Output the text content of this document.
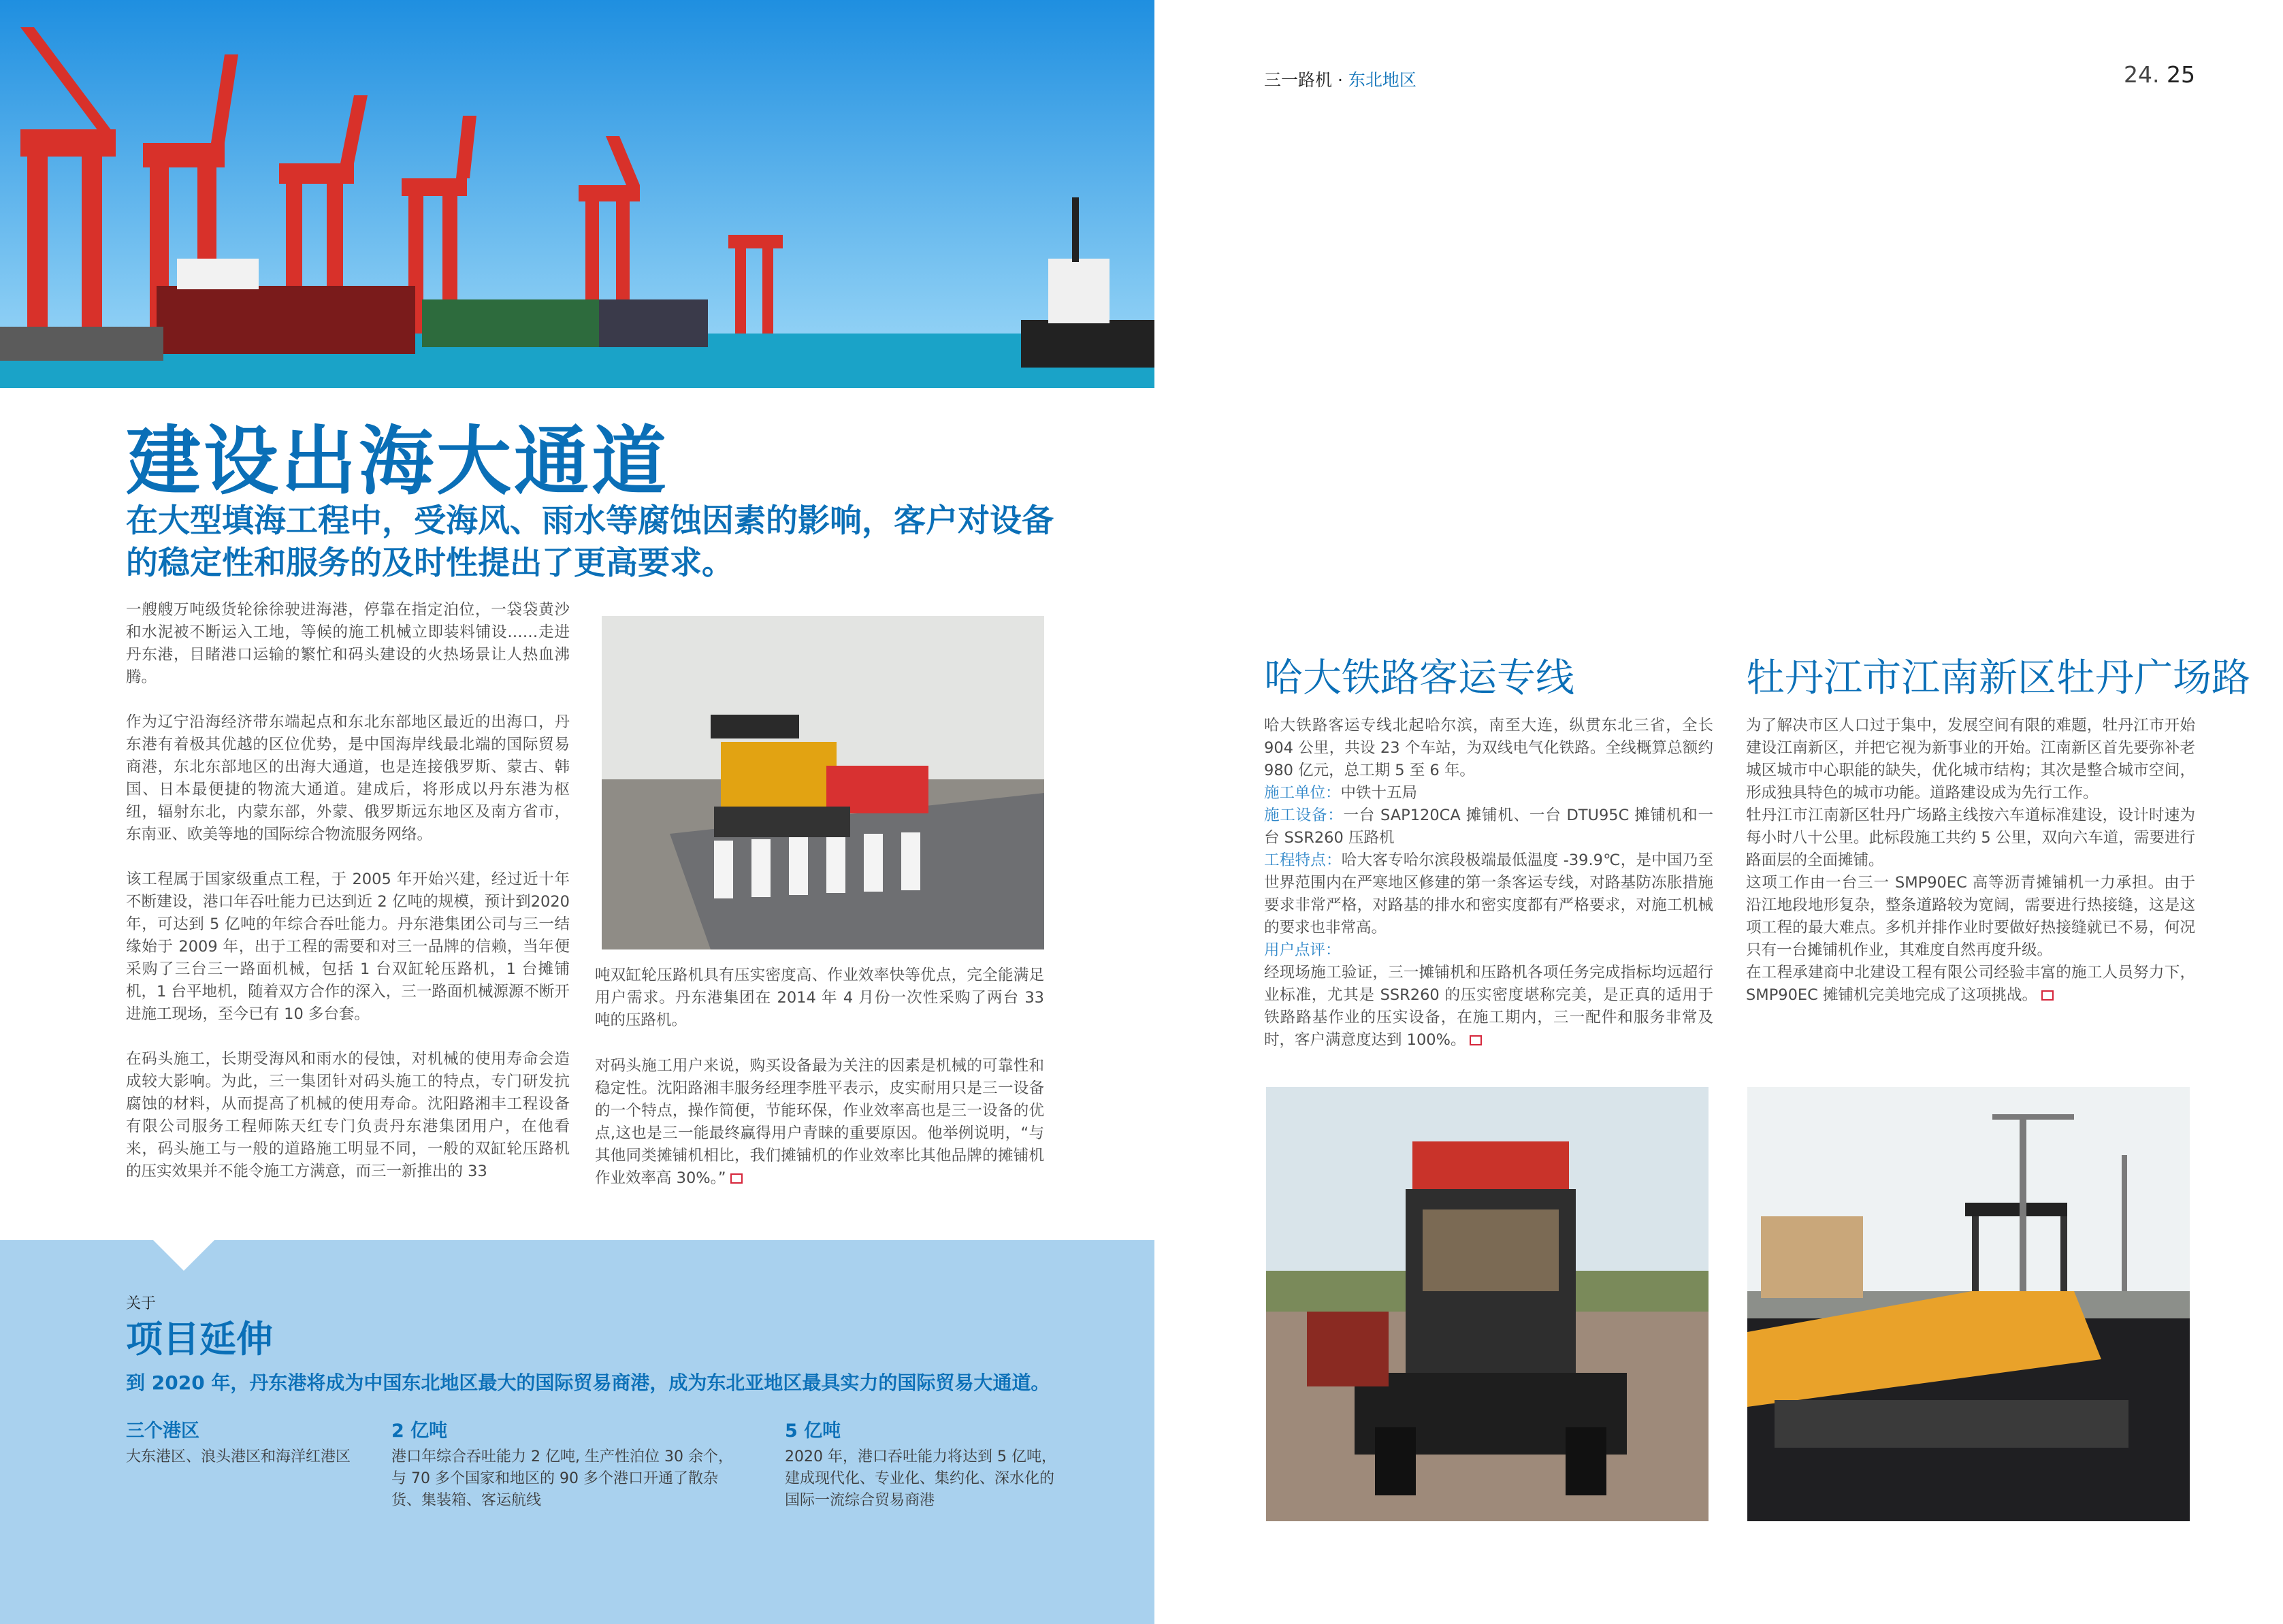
建设出海大通道
在大型填海工程中，受海风、雨水等腐蚀因素的影响，客户对设备的稳定性和服务的及时性提出了更高要求。

一艘艘万吨级货轮徐徐驶进海港，停靠在指定泊位，一袋袋黄沙和水泥被不断运入工地，等候的施工机械立即装料铺设……走进丹东港，目睹港口运输的繁忙和码头建设的火热场景让人热血沸腾。

作为辽宁沿海经济带东端起点和东北东部地区最近的出海口，丹东港有着极其优越的区位优势，是中国海岸线最北端的国际贸易商港，东北东部地区的出海大通道，也是连接俄罗斯、蒙古、韩国、日本最便捷的物流大通道。建成后，将形成以丹东港为枢纽，辐射东北，内蒙东部，外蒙、俄罗斯远东地区及南方省市，东南亚、欧美等地的国际综合物流服务网络。

该工程属于国家级重点工程，于 2005 年开始兴建，经过近十年不断建设，港口年吞吐能力已达到近 2 亿吨的规模，预计到2020 年，可达到 5 亿吨的年综合吞吐能力。丹东港集团公司与三一结缘始于 2009 年，出于工程的需要和对三一品牌的信赖，当年便采购了三台三一路面机械，包括 1 台双缸轮压路机，1 台摊铺机，1 台平地机，随着双方合作的深入，三一路面机械源源不断开进施工现场，至今已有 10 多台套。

在码头施工，长期受海风和雨水的侵蚀，对机械的使用寿命会造成较大影响。为此，三一集团针对码头施工的特点，专门研发抗腐蚀的材料，从而提高了机械的使用寿命。沈阳路湘丰工程设备有限公司服务工程师陈天红专门负责丹东港集团用户，在他看来，码头施工与一般的道路施工明显不同，一般的双缸轮压路机的压实效果并不能令施工方满意，而三一新推出的 33

吨双缸轮压路机具有压实密度高、作业效率快等优点，完全能满足用户需求。丹东港集团在 2014 年 4 月份一次性采购了两台 33 吨的压路机。

对码头施工用户来说，购买设备最为关注的因素是机械的可靠性和稳定性。沈阳路湘丰服务经理李胜平表示，皮实耐用只是三一设备的一个特点，操作简便，节能环保，作业效率高也是三一设备的优点,这也是三一能最终赢得用户青睐的重要原因。他举例说明，“与其他同类摊铺机相比，我们摊铺机的作业效率比其他品牌的摊铺机作业效率高 30%。”

关于
项目延伸
到 2020 年，丹东港将成为中国东北地区最大的国际贸易商港，成为东北亚地区最具实力的国际贸易大通道。
三个港区
大东港区、浪头港区和海洋红港区
2 亿吨
港口年综合吞吐能力 2 亿吨, 生产性泊位 30 余个，与 70 多个国家和地区的 90 多个港口开通了散杂货、集装箱、客运航线
5 亿吨
2020 年，港口吞吐能力将达到 5 亿吨，建成现代化、专业化、集约化、深水化的国际一流综合贸易商港
三一路机 · 东北地区	24. 25
哈大铁路客运专线	牡丹江市江南新区牡丹广场路

哈大铁路客运专线北起哈尔滨，南至大连，纵贯东北三省，全长 904 公里，共设 23 个车站，为双线电气化铁路。全线概算总额约 980 亿元，总工期 5 至 6 年。

施工单位：中铁十五局

施工设备：一台 SAP120CA 摊铺机、一台 DTU95C 摊铺机和一台 SSR260 压路机

工程特点：哈大客专哈尔滨段极端最低温度 -39.9℃，是中国乃至世界范围内在严寒地区修建的第一条客运专线，对路基防冻胀措施要求非常严格，对路基的排水和密实度都有严格要求，对施工机械的要求也非常高。

用户点评：

经现场施工验证，三一摊铺机和压路机各项任务完成指标均远超行业标准，尤其是 SSR260 的压实密度堪称完美，是正真的适用于铁路路基作业的压实设备，在施工期内，三一配件和服务非常及时，客户满意度达到 100%。

为了解决市区人口过于集中，发展空间有限的难题，牡丹江市开始建设江南新区，并把它视为新事业的开始。江南新区首先要弥补老城区城市中心职能的缺失，优化城市结构；其次是整合城市空间，形成独具特色的城市功能。道路建设成为先行工作。

牡丹江市江南新区牡丹广场路主线按六车道标准建设，设计时速为每小时八十公里。此标段施工共约 5 公里，双向六车道，需要进行路面层的全面摊铺。

这项工作由一台三一 SMP90EC 高等沥青摊铺机一力承担。由于沿江地段地形复杂，整条道路较为宽阔，需要进行热接缝，这是这项工程的最大难点。多机并排作业时要做好热接缝就已不易，何况只有一台摊铺机作业，其难度自然再度升级。

在工程承建商中北建设工程有限公司经验丰富的施工人员努力下，SMP90EC 摊铺机完美地完成了这项挑战。
